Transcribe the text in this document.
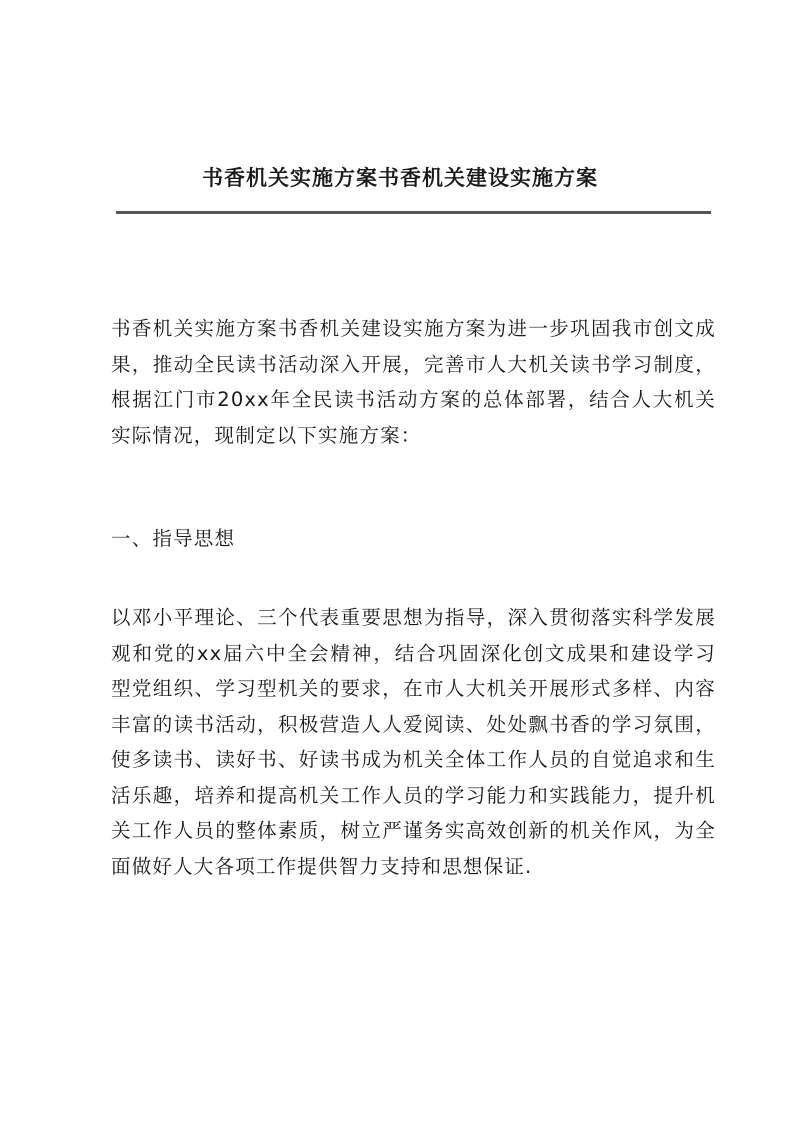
书香机关实施方案书香机关建设实施方案

书香机关实施方案书香机关建设实施方案为进一步巩固我市创文成果，推动全民读书活动深入开展，完善市人大机关读书学习制度，根据江门市20xx年全民读书活动方案的总体部署，结合人大机关实际情况，现制定以下实施方案：

一、指导思想

以邓小平理论、三个代表重要思想为指导，深入贯彻落实科学发展观和党的xx届六中全会精神，结合巩固深化创文成果和建设学习型党组织、学习型机关的要求，在市人大机关开展形式多样、内容丰富的读书活动，积极营造人人爱阅读、处处飘书香的学习氛围，使多读书、读好书、好读书成为机关全体工作人员的自觉追求和生活乐趣，培养和提高机关工作人员的学习能力和实践能力，提升机关工作人员的整体素质，树立严谨务实高效创新的机关作风，为全面做好人大各项工作提供智力支持和思想保证.
